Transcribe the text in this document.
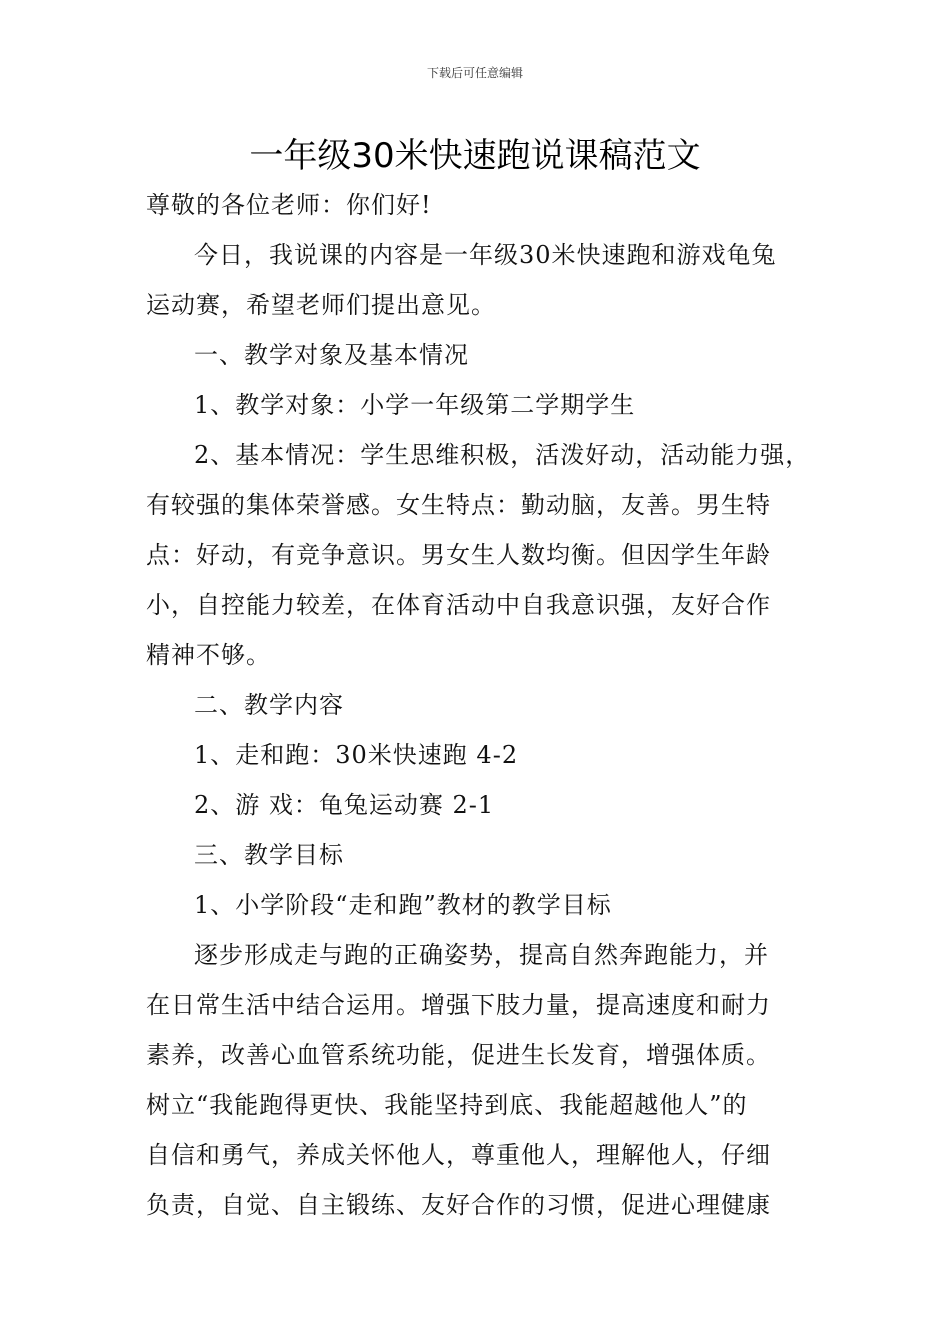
下载后可任意编辑
一年级30米快速跑说课稿范文

尊敬的各位老师：你们好!

今日，我说课的内容是一年级30米快速跑和游戏龟兔

运动赛，希望老师们提出意见。

一、教学对象及基本情况

1、教学对象：小学一年级第二学期学生

2、基本情况：学生思维积极，活泼好动，活动能力强，

有较强的集体荣誉感。女生特点：勤动脑，友善。男生特

点：好动，有竞争意识。男女生人数均衡。但因学生年龄

小，自控能力较差，在体育活动中自我意识强，友好合作

精神不够。

二、教学内容

1、走和跑：30米快速跑 4-2

2、游 戏：龟兔运动赛 2-1

三、教学目标

1、小学阶段“走和跑”教材的教学目标

逐步形成走与跑的正确姿势，提高自然奔跑能力，并

在日常生活中结合运用。增强下肢力量，提高速度和耐力

素养，改善心血管系统功能，促进生长发育，增强体质。

树立“我能跑得更快、我能坚持到底、我能超越他人”的

自信和勇气，养成关怀他人，尊重他人，理解他人，仔细

负责，自觉、自主锻练、友好合作的习惯，促进心理健康
